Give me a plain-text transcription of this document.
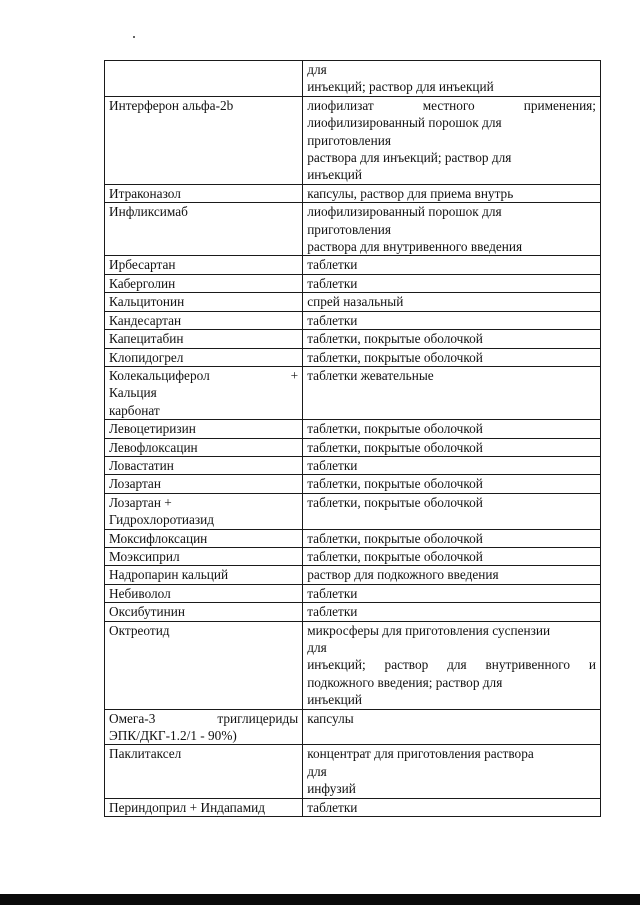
	для
инъекций; раствор для инъекций

Интерферон альфа-2b	лиофилизат местного применения;
лиофилизированный порошок для
приготовления
раствора для инъекций; раствор для
инъекций

Итраконазол	капсулы, раствор для приема внутрь

Инфликсимаб	лиофилизированный порошок для
приготовления
раствора для внутривенного введения

Ирбесартан	таблетки

Каберголин	таблетки

Кальцитонин	спрей назальный

Кандесартан	таблетки

Капецитабин	таблетки, покрытые оболочкой

Клопидогрел	таблетки, покрытые оболочкой

Колекальциферол +
Кальция
карбонат	таблетки жевательные

Левоцетиризин	таблетки, покрытые оболочкой

Левофлоксацин	таблетки, покрытые оболочкой

Ловастатин	таблетки

Лозартан	таблетки, покрытые оболочкой

Лозартан +
Гидрохлоротиазид	таблетки, покрытые оболочкой

Моксифлоксацин	таблетки, покрытые оболочкой

Моэксиприл	таблетки, покрытые оболочкой

Надропарин кальций	раствор для подкожного введения

Небиволол	таблетки

Оксибутинин	таблетки

Октреотид	микросферы для приготовления суспензии
для
инъекций; раствор для внутривенного и
подкожного введения; раствор для
инъекций

Омега-3 триглицериды
ЭПК/ДКГ-1.2/1 - 90%)	капсулы

Паклитаксел	концентрат для приготовления раствора
для
инфузий

Периндоприл + Индапамид	таблетки
